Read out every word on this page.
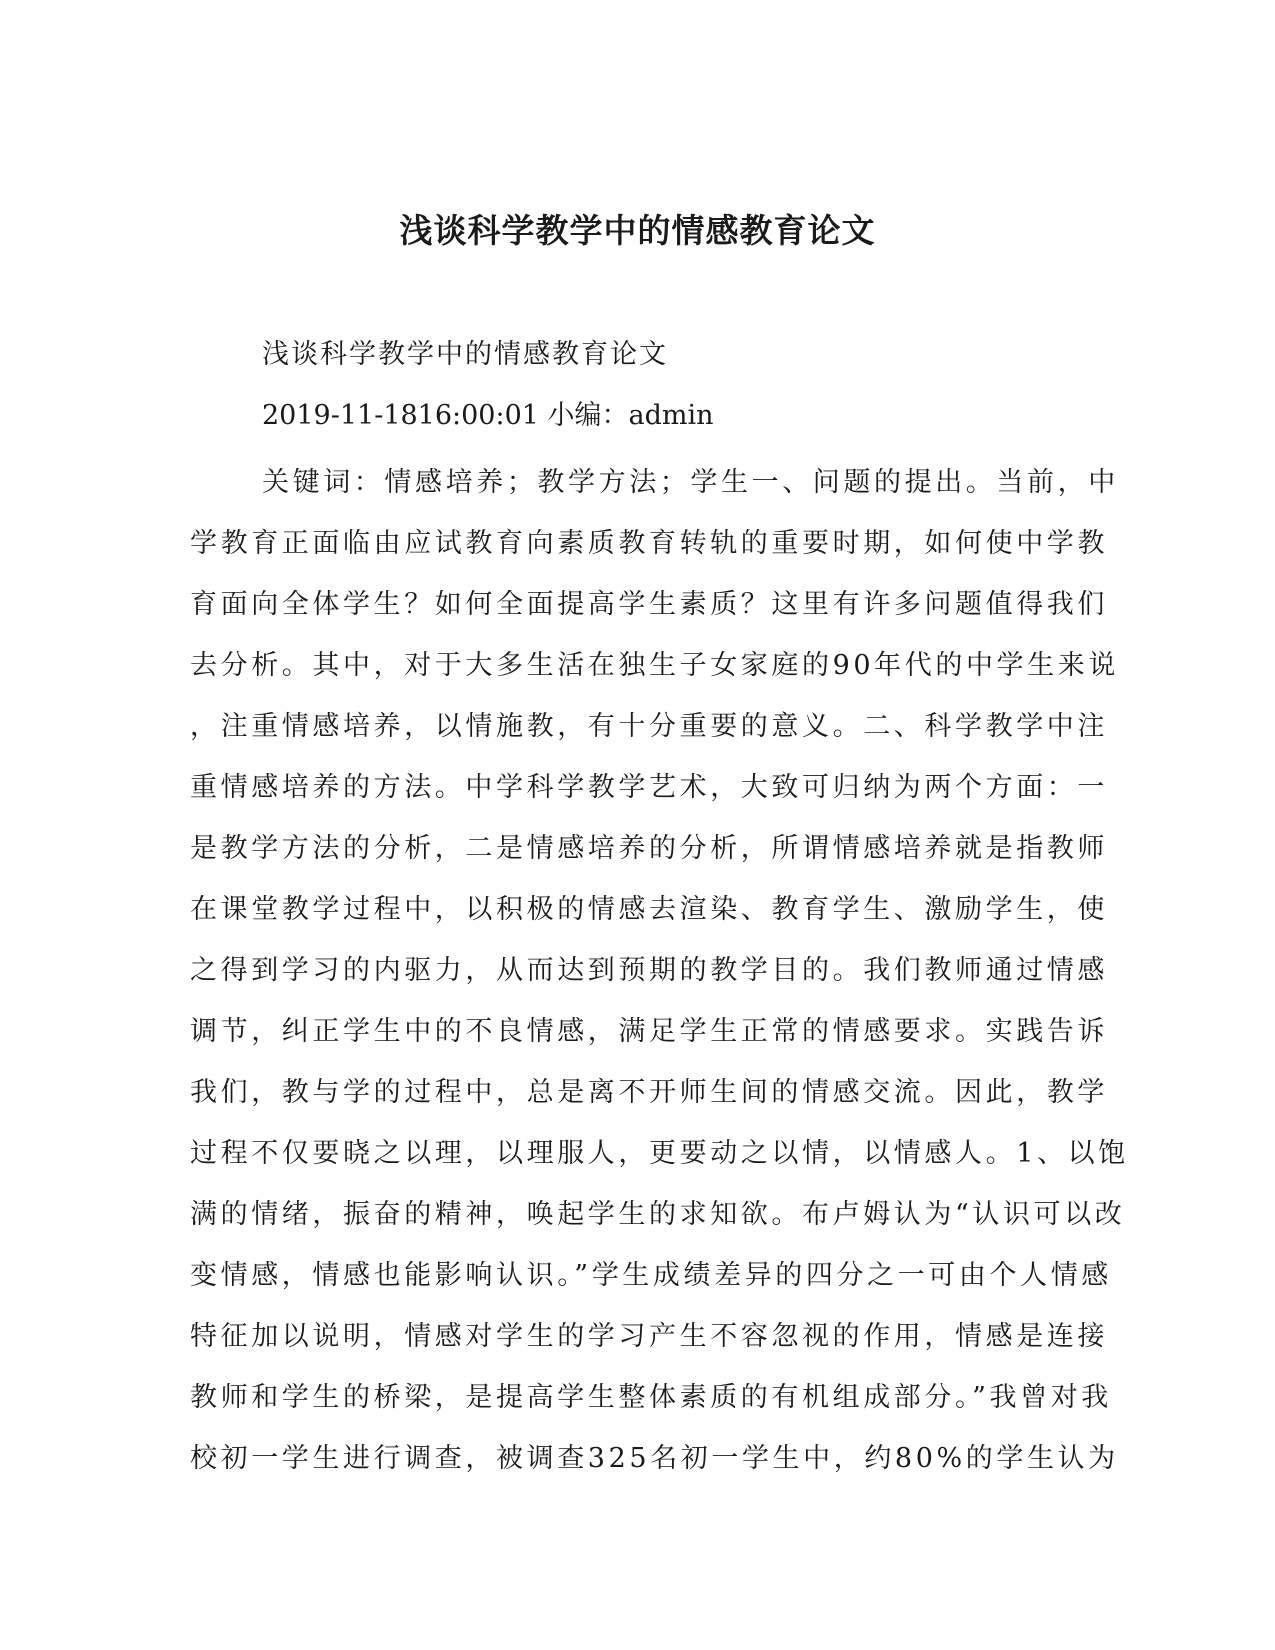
浅谈科学教学中的情感教育论文

浅谈科学教学中的情感教育论文

2019-11-1816:00:01 小编：admin

关键词：情感培养；教学方法；学生一、问题的提出。当前，中
学教育正面临由应试教育向素质教育转轨的重要时期，如何使中学教
育面向全体学生？如何全面提高学生素质？这里有许多问题值得我们
去分析。其中，对于大多生活在独生子女家庭的90年代的中学生来说
，注重情感培养，以情施教，有十分重要的意义。二、科学教学中注
重情感培养的方法。中学科学教学艺术，大致可归纳为两个方面：一
是教学方法的分析，二是情感培养的分析，所谓情感培养就是指教师
在课堂教学过程中，以积极的情感去渲染、教育学生、激励学生，使
之得到学习的内驱力，从而达到预期的教学目的。我们教师通过情感
调节，纠正学生中的不良情感，满足学生正常的情感要求。实践告诉
我们，教与学的过程中，总是离不开师生间的情感交流。因此，教学
过程不仅要晓之以理，以理服人，更要动之以情，以情感人。1、以饱
满的情绪，振奋的精神，唤起学生的求知欲。布卢姆认为“认识可以改
变情感，情感也能影响认识。”学生成绩差异的四分之一可由个人情感
特征加以说明，情感对学生的学习产生不容忽视的作用，情感是连接
教师和学生的桥梁，是提高学生整体素质的有机组成部分。”我曾对我
校初一学生进行调查，被调查325名初一学生中，约80%的学生认为
